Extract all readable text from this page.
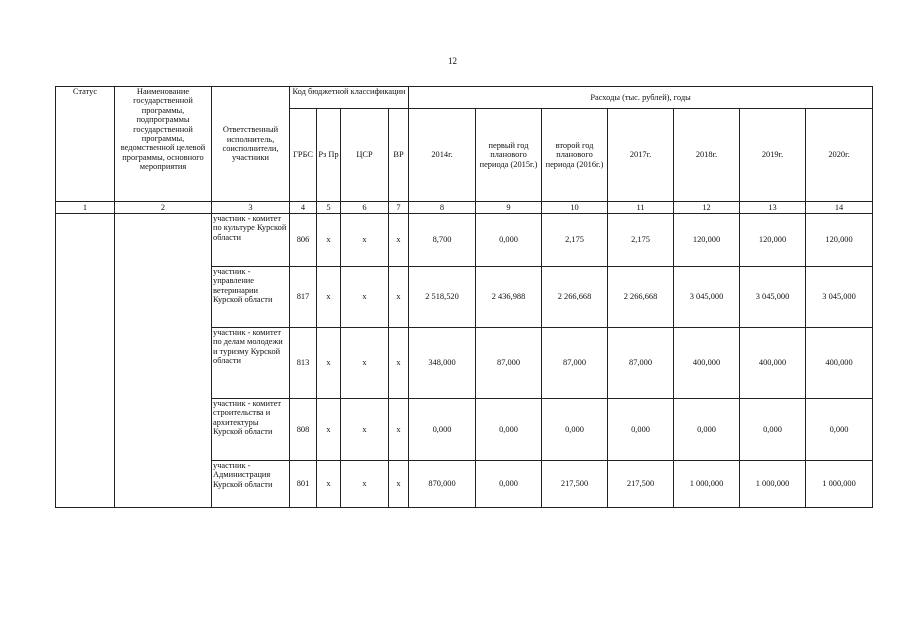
12
Статус	Наименование государственной программы, подпрограммы государственной программы, ведомственной целевой программы, основного мероприятия	Ответственный исполнитель, соисполнители, участники	Код бюджетной классификации				Расходы (тыс. рублей), годы						
			ГРБС	Рз Пр	ЦСР	ВР	2014г.	первый год планового периода (2015г.)	второй год планового периода (2016г.)	2017г.	2018г.	2019г.	2020г.
1	2	3	4	5	6	7	8	9	10	11	12	13	14
		участник - комитет по культуре Курской области	806	x	x	x	8,700	0,000	2,175	2,175	120,000	120,000	120,000
		участник - управление ветеринарии Курской области	817	x	x	x	2 518,520	2 436,988	2 266,668	2 266,668	3 045,000	3 045,000	3 045,000
		участник - комитет по делам молодежи и туризму Курской области	813	x	x	x	348,000	87,000	87,000	87,000	400,000	400,000	400,000
		участник - комитет строительства и архитектуры Курской области	808	x	x	x	0,000	0,000	0,000	0,000	0,000	0,000	0,000
		участник - Администрация Курской области	801	x	x	x	870,000	0,000	217,500	217,500	1 000,000	1 000,000	1 000,000
